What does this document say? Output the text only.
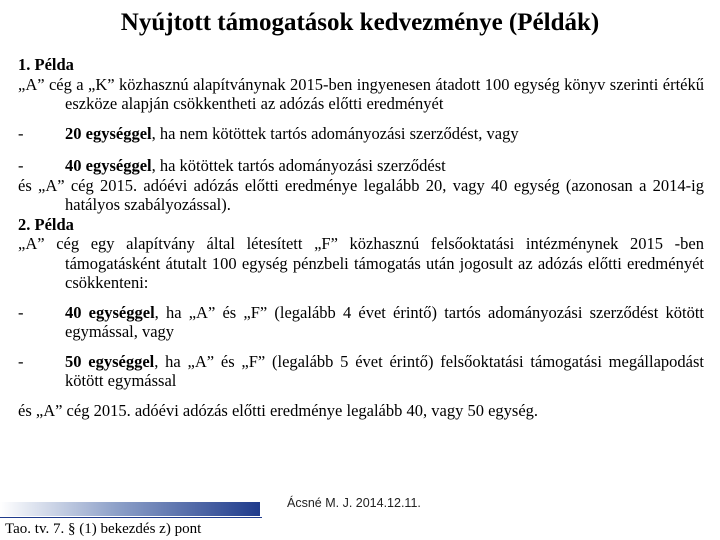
Nyújtott támogatások kedvezménye (Példák)
1. Példa
„A” cég a „K” közhasznú alapítványnak 2015-ben ingyenesen átadott 100 egység könyv szerinti értékű eszköze alapján csökkentheti az adózás előtti eredményét
-	20 egységgel, ha nem kötöttek tartós adományozási szerződést, vagy
-	40 egységgel, ha kötöttek tartós adományozási szerződést
és „A” cég 2015. adóévi adózás előtti eredménye legalább 20, vagy 40 egység (azonosan a 2014-ig hatályos szabályozással).
2. Példa
„A” cég egy alapítvány által létesített „F” közhasznú felsőoktatási intézménynek 2015 -ben támogatásként átutalt 100 egység pénzbeli támogatás után jogosult az adózás előtti eredményét csökkenteni:
-	40 egységgel, ha „A” és „F” (legalább 4 évet érintő) tartós adományozási szerződést kötött egymással, vagy
-	50 egységgel, ha „A” és „F” (legalább 5 évet érintő) felsőoktatási támogatási megállapodást kötött egymással
és „A” cég 2015. adóévi adózás előtti eredménye legalább 40, vagy 50 egység.
Ácsné M. J. 2014.12.11.
Tao. tv. 7. § (1) bekezdés z) pont
